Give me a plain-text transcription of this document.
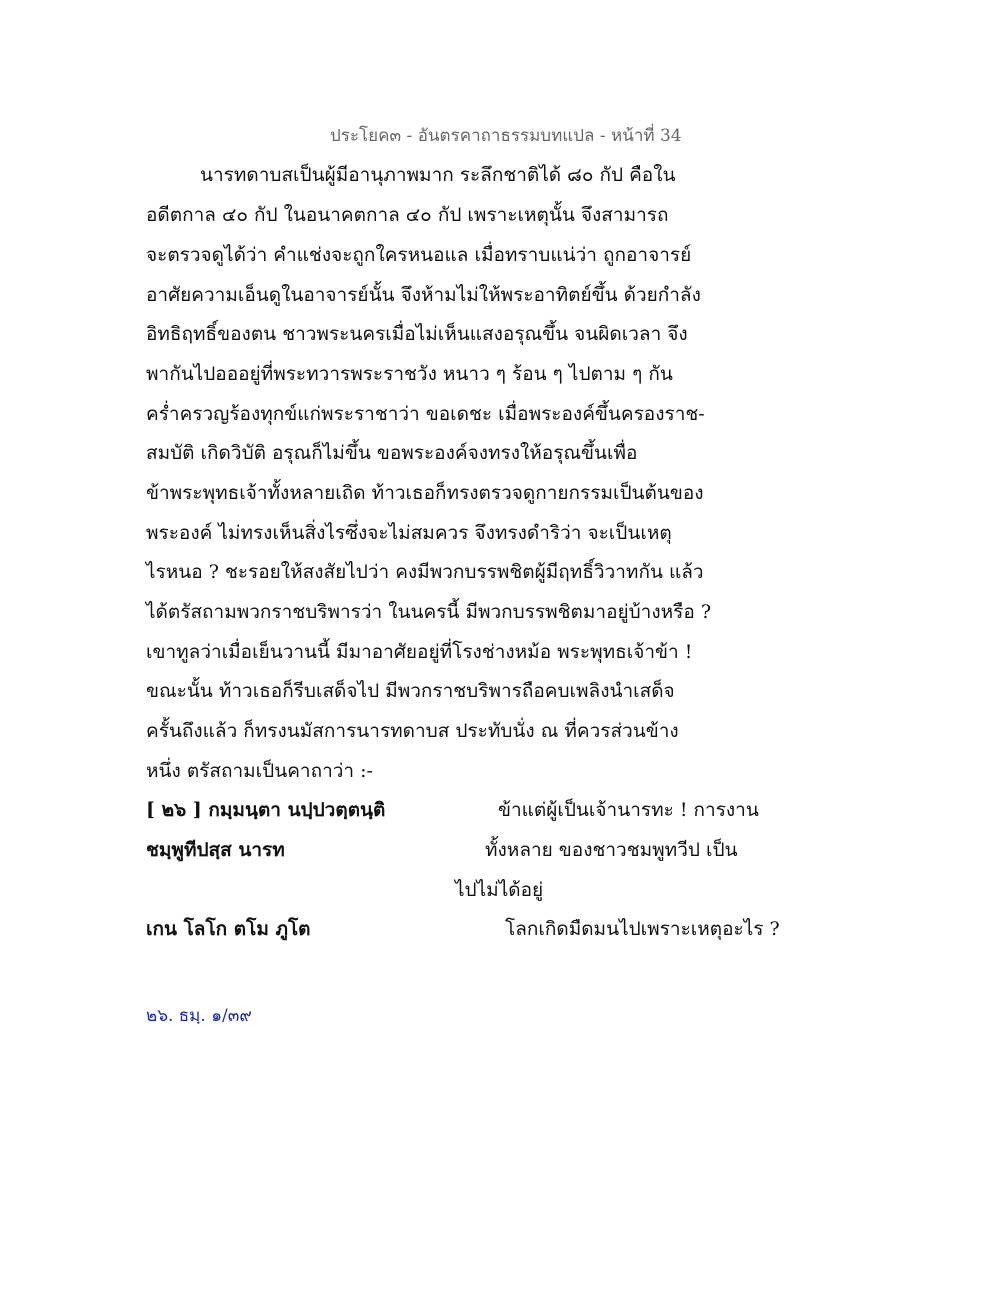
ประโยค๓ - อันตรคาถาธรรมบทแปล - หน้าที่ 34
นารทดาบสเป็นผู้มีอานุภาพมาก ระลึกชาติได้ ๘๐ กัป คือใน
อดีตกาล ๔๐ กัป ในอนาคตกาล ๔๐ กัป เพราะเหตุนั้น จึงสามารถ
จะตรวจดูได้ว่า คำแช่งจะถูกใครหนอแล เมื่อทราบแน่ว่า ถูกอาจารย์
อาศัยความเอ็นดูในอาจารย์นั้น จึงห้ามไม่ให้พระอาทิตย์ขึ้น ด้วยกำลัง
อิทธิฤทธิ์ของตน ชาวพระนครเมื่อไม่เห็นแสงอรุณขึ้น จนผิดเวลา จึง
พากันไปอออยู่ที่พระทวารพระราชวัง หนาว ๆ ร้อน ๆ ไปตาม ๆ กัน
คร่ำครวญร้องทุกข์แก่พระราชาว่า ขอเดชะ เมื่อพระองค์ขึ้นครองราช-
สมบัติ เกิดวิบัติ อรุณก็ไม่ขึ้น ขอพระองค์จงทรงให้อรุณขึ้นเพื่อ
ข้าพระพุทธเจ้าทั้งหลายเถิด ท้าวเธอก็ทรงตรวจดูกายกรรมเป็นต้นของ
พระองค์ ไม่ทรงเห็นสิ่งไรซึ่งจะไม่สมควร จึงทรงดำริว่า จะเป็นเหตุ
ไรหนอ ? ชะรอยให้สงสัยไปว่า คงมีพวกบรรพชิตผู้มีฤทธิ์วิวาทกัน แล้ว
ได้ตรัสถามพวกราชบริพารว่า ในนครนี้ มีพวกบรรพชิตมาอยู่บ้างหรือ ?
เขาทูลว่าเมื่อเย็นวานนี้ มีมาอาศัยอยู่ที่โรงช่างหม้อ พระพุทธเจ้าข้า !
ขณะนั้น ท้าวเธอก็รีบเสด็จไป มีพวกราชบริพารถือคบเพลิงนำเสด็จ
ครั้นถึงแล้ว ก็ทรงนมัสการนารทดาบส ประทับนั่ง ณ ที่ควรส่วนข้าง
หนึ่ง ตรัสถามเป็นคาถาว่า :-
[ ๒๖ ] กมฺมนฺตา นปฺปวตฺตนฺติ	ข้าแต่ผู้เป็นเจ้านารทะ ! การงาน
ชมฺพูทีปสฺส นารท	ทั้งหลาย ของชาวชมพูทวีป เป็น
ไปไม่ได้อยู่
เกน โลโก ตโม ภูโต	โลกเกิดมืดมนไปเพราะเหตุอะไร ?
๒๖. ธมฺ. ๑/๓๙
